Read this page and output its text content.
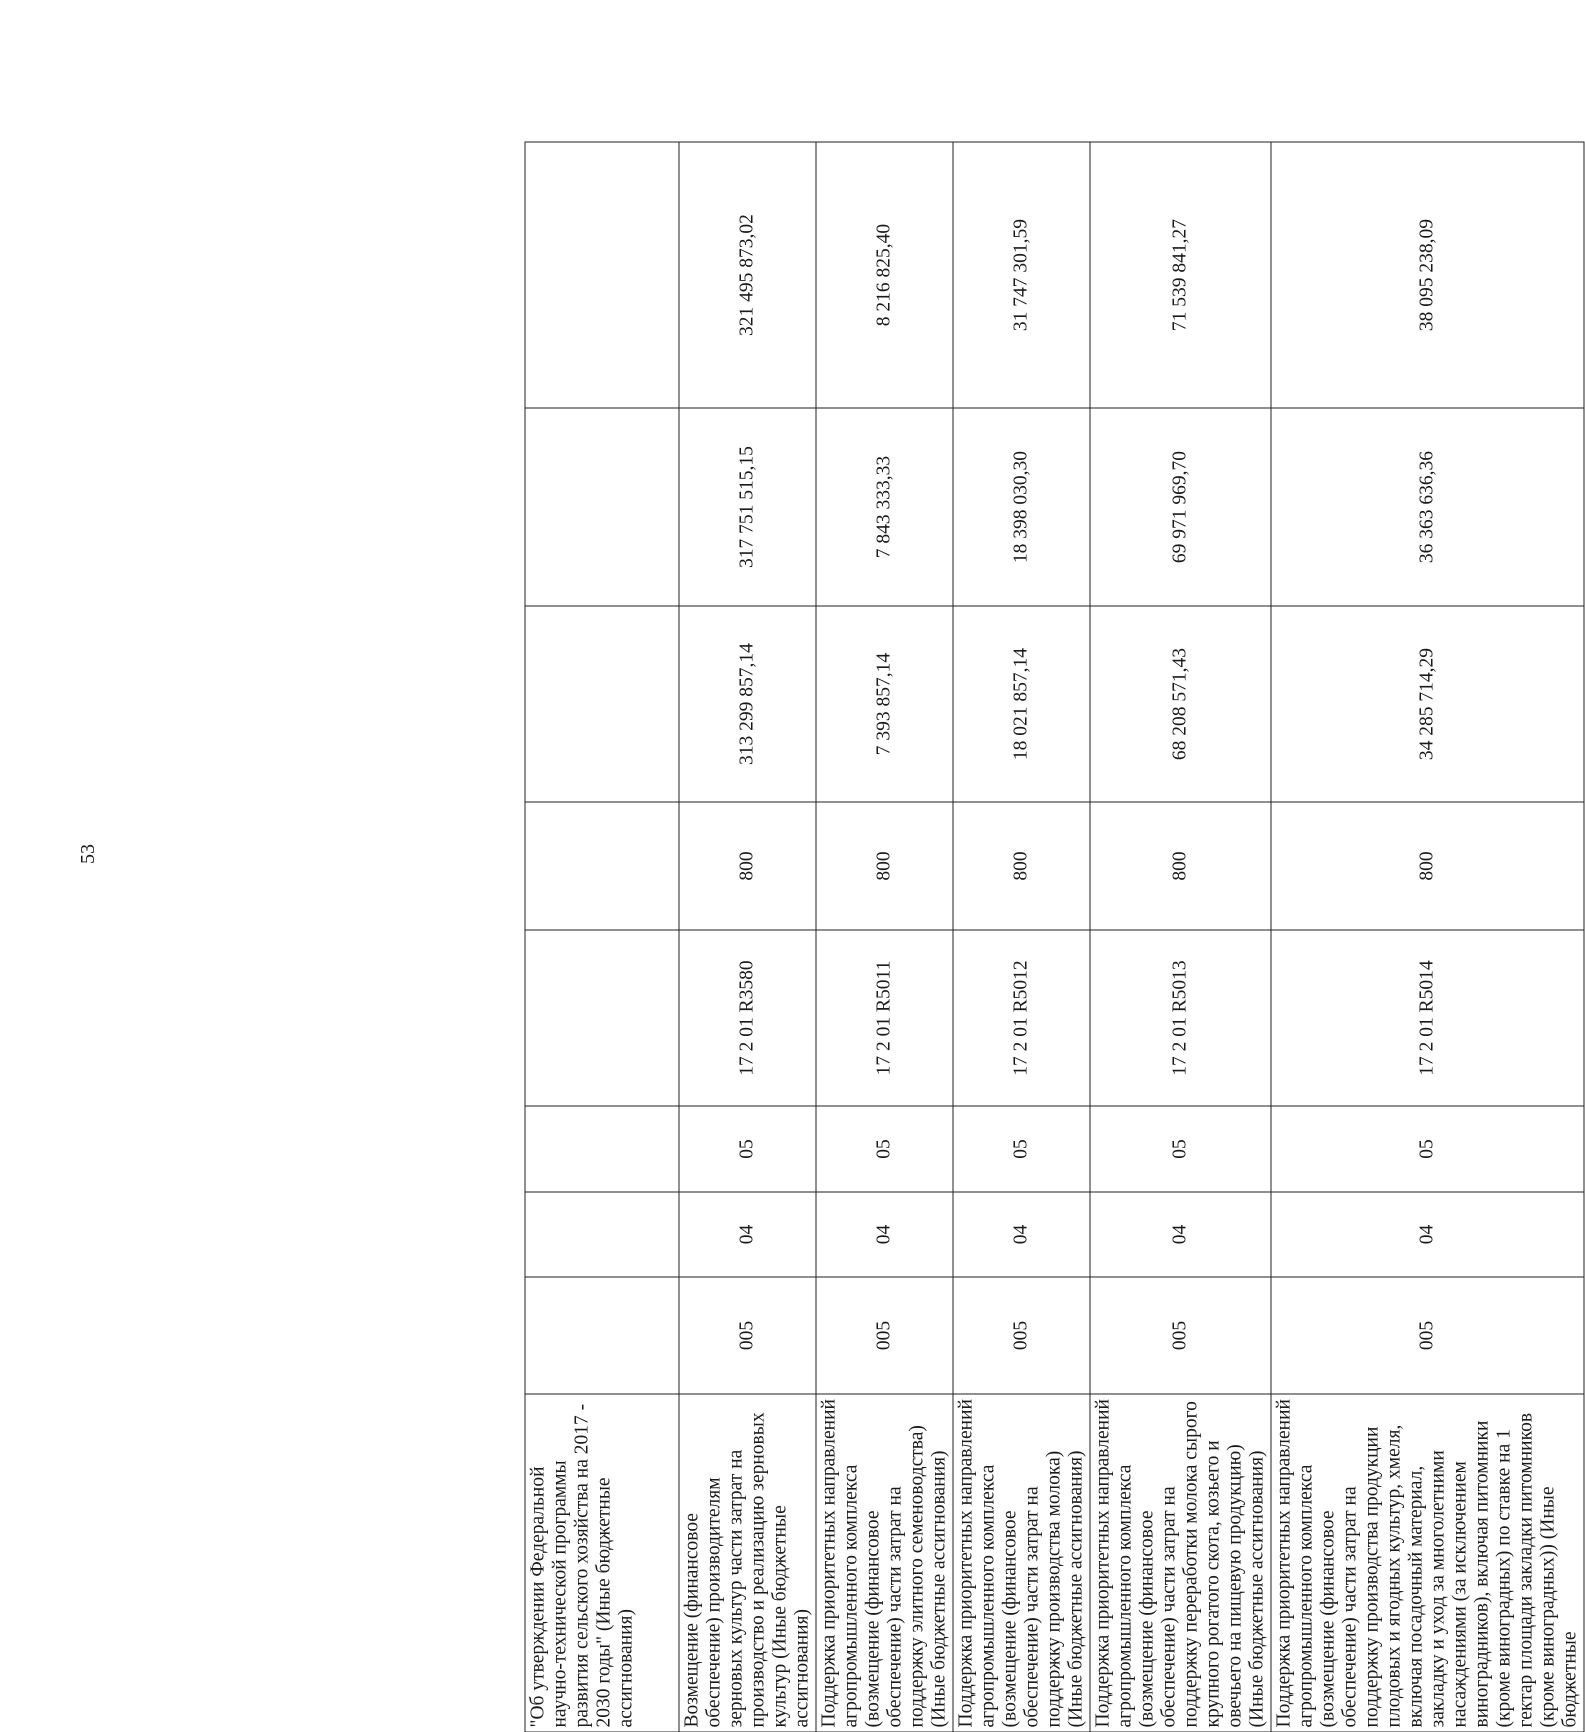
53
"Об утверждении Федеральной научно-технической программы развития сельского хозяйства на 2017 - 2030 годы" (Иные бюджетные ассигнования)								
Возмещение (финансовое обеспечение) производителям зерновых культур части затрат на производство и реализацию зерновых культур (Иные бюджетные ассигнования)	005	04	05	17 2 01 R3580	800	313 299 857,14	317 751 515,15	321 495 873,02
Поддержка приоритетных направлений агропромышленного комплекса (возмещение (финансовое обеспечение) части затрат на поддержку элитного семеноводства) (Иные бюджетные ассигнования)	005	04	05	17 2 01 R5011	800	7 393 857,14	7 843 333,33	8 216 825,40
Поддержка приоритетных направлений агропромышленного комплекса (возмещение (финансовое обеспечение) части затрат на поддержку производства молока) (Иные бюджетные ассигнования)	005	04	05	17 2 01 R5012	800	18 021 857,14	18 398 030,30	31 747 301,59
Поддержка приоритетных направлений агропромышленного комплекса (возмещение (финансовое обеспечение) части затрат на поддержку переработки молока сырого крупного рогатого скота, козьего и овечьего на пищевую продукцию) (Иные бюджетные ассигнования)	005	04	05	17 2 01 R5013	800	68 208 571,43	69 971 969,70	71 539 841,27
Поддержка приоритетных направлений агропромышленного комплекса (возмещение (финансовое обеспечение) части затрат на поддержку производства продукции плодовых и ягодных культур, хмеля, включая посадочный материал, закладку и уход за многолетними насаждениями (за исключением виноградников), включая питомники (кроме виноградных) по ставке на 1 гектар площади закладки питомников (кроме виноградных)) (Иные бюджетные	005	04	05	17 2 01 R5014	800	34 285 714,29	36 363 636,36	38 095 238,09
